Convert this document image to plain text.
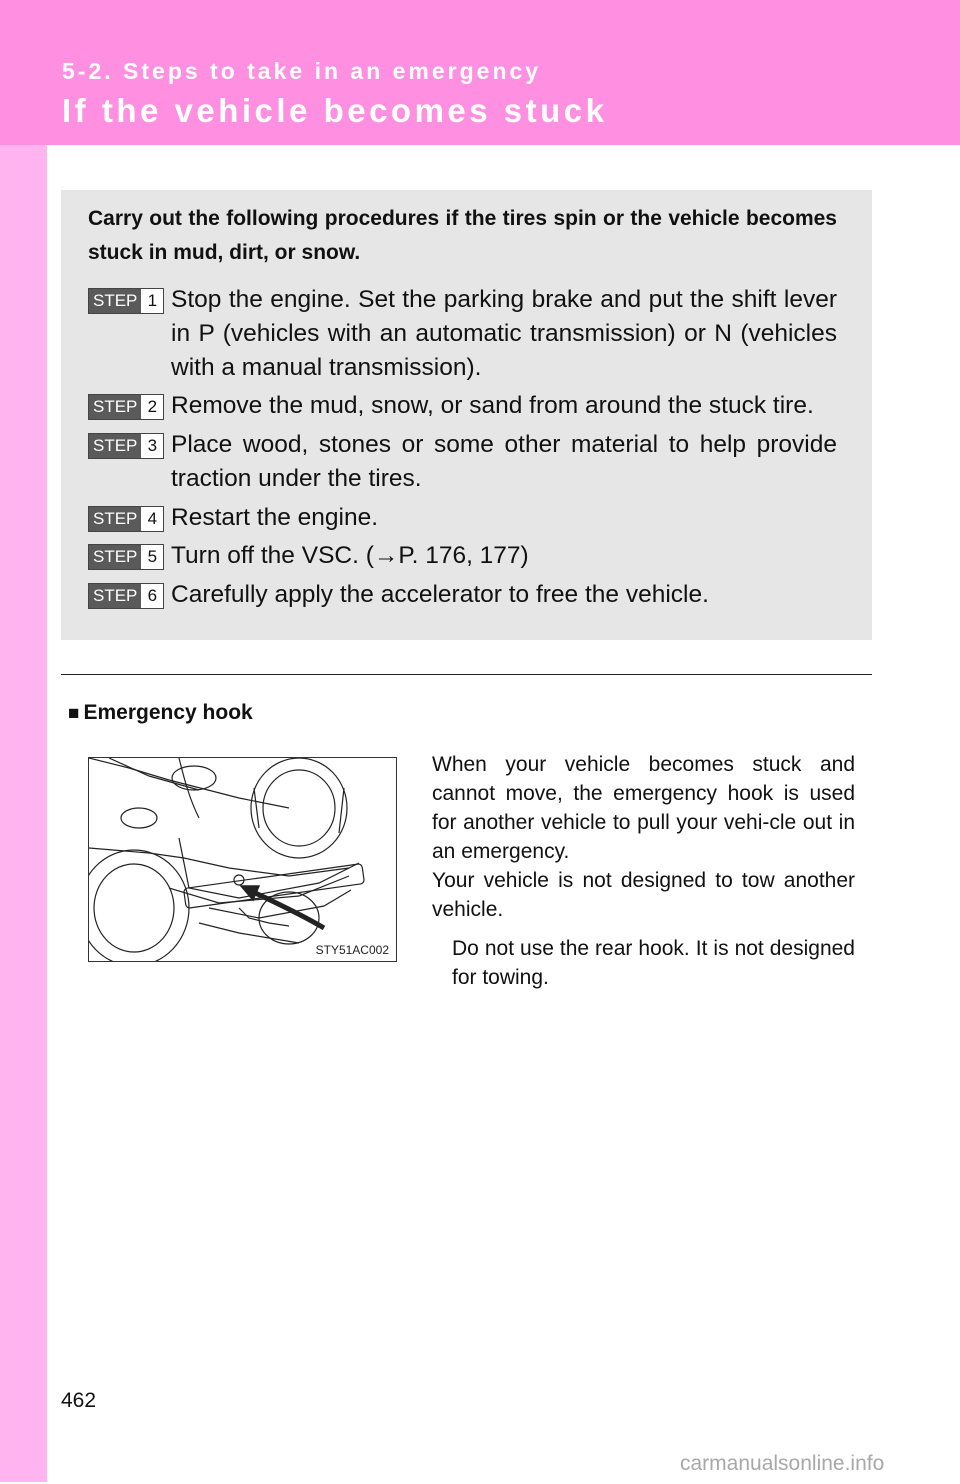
5-2. Steps to take in an emergency
If the vehicle becomes stuck
Carry out the following procedures if the tires spin or the vehicle becomes stuck in mud, dirt, or snow.
STEP 1 Stop the engine. Set the parking brake and put the shift lever in P (vehicles with an automatic transmission) or N (vehicles with a manual transmission).
STEP 2 Remove the mud, snow, or sand from around the stuck tire.
STEP 3 Place wood, stones or some other material to help provide traction under the tires.
STEP 4 Restart the engine.
STEP 5 Turn off the VSC. (→P. 176, 177)
STEP 6 Carefully apply the accelerator to free the vehicle.
■ Emergency hook
STY51AC002

When your vehicle becomes stuck and cannot move, the emergency hook is used for another vehicle to pull your vehi-cle out in an emergency.

Your vehicle is not designed to tow another vehicle.

Do not use the rear hook. It is not designed for towing.
462
carmanualsonline.info
